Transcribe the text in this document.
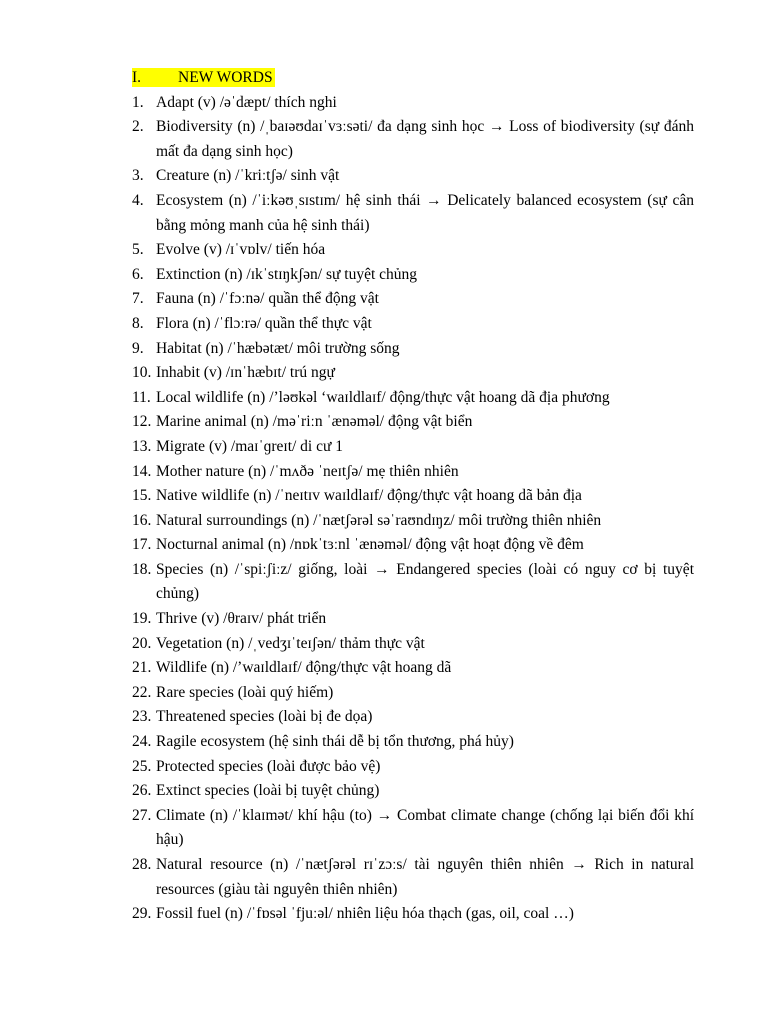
I. NEW WORDS
1. Adapt (v) /əˈdæpt/ thích nghi
2. Biodiversity (n) /ˌbaɪəʊdaɪˈvɜːsəti/ đa dạng sinh học → Loss of biodiversity (sự đánh mất đa dạng sinh học)
3. Creature (n) /ˈkriːtʃə/ sinh vật
4. Ecosystem (n) /ˈiːkəʊˌsɪstɪm/ hệ sinh thái → Delicately balanced ecosystem (sự cân bằng mỏng manh của hệ sinh thái)
5. Evolve (v) /ɪˈvɒlv/ tiến hóa
6. Extinction (n) /ɪkˈstɪŋkʃən/ sự tuyệt chủng
7. Fauna (n) /ˈfɔːnə/ quần thể động vật
8. Flora (n) /ˈflɔːrə/ quần thể thực vật
9. Habitat (n) /ˈhæbətæt/ môi trường sống
10. Inhabit (v) /ɪnˈhæbɪt/ trú ngự
11. Local wildlife (n) /’ləʊkəl ‘waɪldlaɪf/ động/thực vật hoang dã địa phương
12. Marine animal (n) /məˈriːn ˈænəməl/ động vật biển
13. Migrate (v) /maɪˈɡreɪt/ di cư 1
14. Mother nature (n) /ˈmʌðə ˈneɪtʃə/ mẹ thiên nhiên
15. Native wildlife (n) /ˈneɪtɪv waɪldlaɪf/ động/thực vật hoang dã bản địa
16. Natural surroundings (n) /ˈnætʃərəl səˈraʊndɪŋz/ môi trường thiên nhiên
17. Nocturnal animal (n) /nɒkˈtɜːnl ˈænəməl/ động vật hoạt động về đêm
18. Species (n) /ˈspiːʃiːz/ giống, loài → Endangered species (loài có nguy cơ bị tuyệt chủng)
19. Thrive (v) /θraɪv/ phát triển
20. Vegetation (n) /ˌvedʒɪˈteɪʃən/ thảm thực vật
21. Wildlife (n) /’waɪldlaɪf/ động/thực vật hoang dã
22. Rare species (loài quý hiếm)
23. Threatened species (loài bị đe dọa)
24. Ragile ecosystem (hệ sinh thái dễ bị tổn thương, phá hủy)
25. Protected species (loài được bảo vệ)
26. Extinct species (loài bị tuyệt chủng)
27. Climate (n) /ˈklaɪmət/ khí hậu (to) → Combat climate change (chống lại biến đổi khí hậu)
28. Natural resource (n) /ˈnætʃərəl rɪˈzɔːs/ tài nguyên thiên nhiên → Rich in natural resources (giàu tài nguyên thiên nhiên)
29. Fossil fuel (n) /ˈfɒsəl ˈfjuːəl/ nhiên liệu hóa thạch (gas, oil, coal …)
